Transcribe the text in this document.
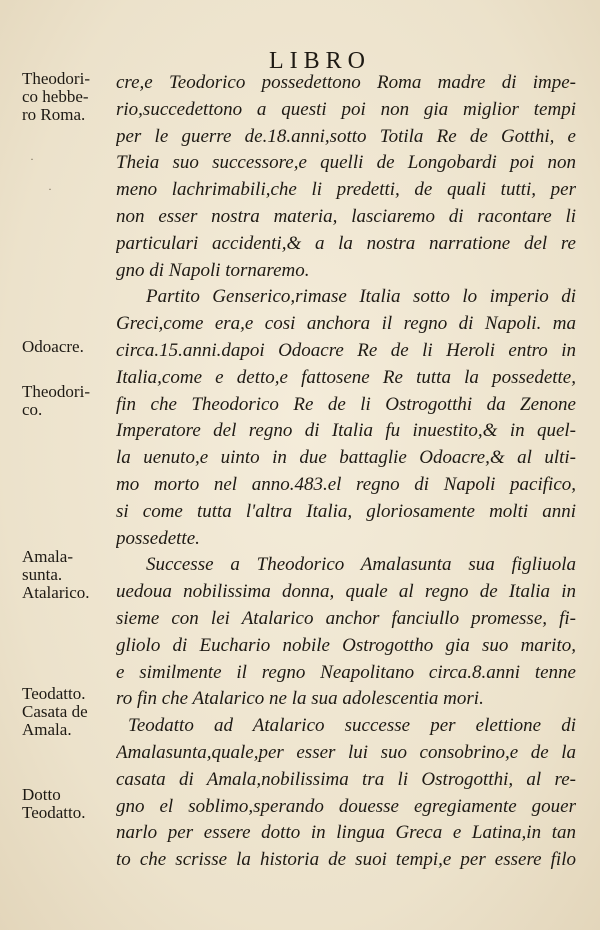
LIBRO
Theodori-
co hebbe-
ro Roma.
Odoacre.
Theodori-
co.
Amala-
sunta.
Atalarico.
Teodatto.
Casata de
Amala.
Dotto
Teodatto.
·
·
cre,e Teodorico possedettono Roma madre di impe-
rio,succedettono a questi poi non gia miglior tempi
per le guerre de.18.anni,sotto Totila Re de Gotthi, e
Theia suo successore,e quelli de Longobardi poi non
meno lachrimabili,che li predetti, de quali tutti, per
non esser nostra materia, lasciaremo di racontare li
particulari accidenti,& a la nostra narratione del re
gno di Napoli tornaremo.
Partito Genserico,rimase Italia sotto lo imperio di
Greci,come era,e cosi anchora il regno di Napoli. ma
circa.15.anni.dapoi Odoacre Re de li Heroli entro in
Italia,come e detto,e fattosene Re tutta la possedette,
fin che Theodorico Re de li Ostrogotthi da Zenone
Imperatore del regno di Italia fu inuestito,& in quel-
la uenuto,e uinto in due battaglie Odoacre,& al ulti-
mo morto nel anno.483.el regno di Napoli pacifico,
si come tutta l'altra Italia, gloriosamente molti anni
possedette.
Successe a Theodorico Amalasunta sua figliuola
uedoua nobilissima donna, quale al regno de Italia in
sieme con lei Atalarico anchor fanciullo promesse, fi-
gliolo di Euchario nobile Ostrogottho gia suo marito,
e similmente il regno Neapolitano circa.8.anni tenne
ro fin che Atalarico ne la sua adolescentia mori.
Teodatto ad Atalarico successe per elettione di
Amalasunta,quale,per esser lui suo consobrino,e de la
casata di Amala,nobilissima tra li Ostrogotthi, al re-
gno el soblimo,sperando douesse egregiamente gouer
narlo per essere dotto in lingua Greca e Latina,in tan
to che scrisse la historia de suoi tempi,e per essere filo
